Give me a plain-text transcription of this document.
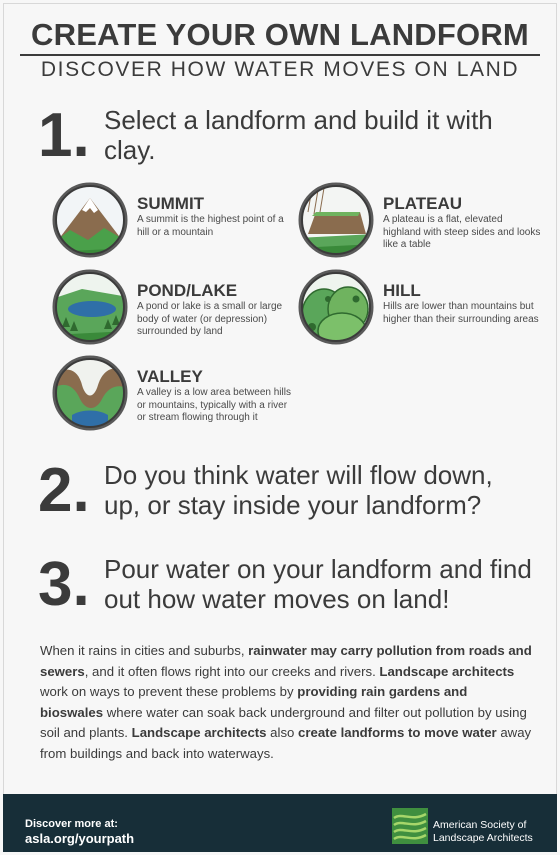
CREATE YOUR OWN LANDFORM
DISCOVER HOW WATER MOVES ON LAND
1. Select a landform and build it with clay.
SUMMIT
A summit is the highest point of a hill or a mountain
PLATEAU
A plateau is a flat, elevated highland with steep sides and looks like a table
POND/LAKE
A pond or lake is a small or large body of water (or depression) surrounded by land
HILL
Hills are lower than mountains but higher than their surrounding areas
VALLEY
A valley is a low area between hills or mountains, typically with a river or stream flowing through it
2. Do you think water will flow down, up, or stay inside your landform?
3. Pour water on your landform and find out how water moves on land!
When it rains in cities and suburbs, rainwater may carry pollution from roads and sewers, and it often flows right into our creeks and rivers. Landscape architects work on ways to prevent these problems by providing rain gardens and bioswales where water can soak back underground and filter out pollution by using soil and plants. Landscape architects also create landforms to move water away from buildings and back into waterways.
Discover more at:
asla.org/yourpath
American Society of
Landscape Architects
